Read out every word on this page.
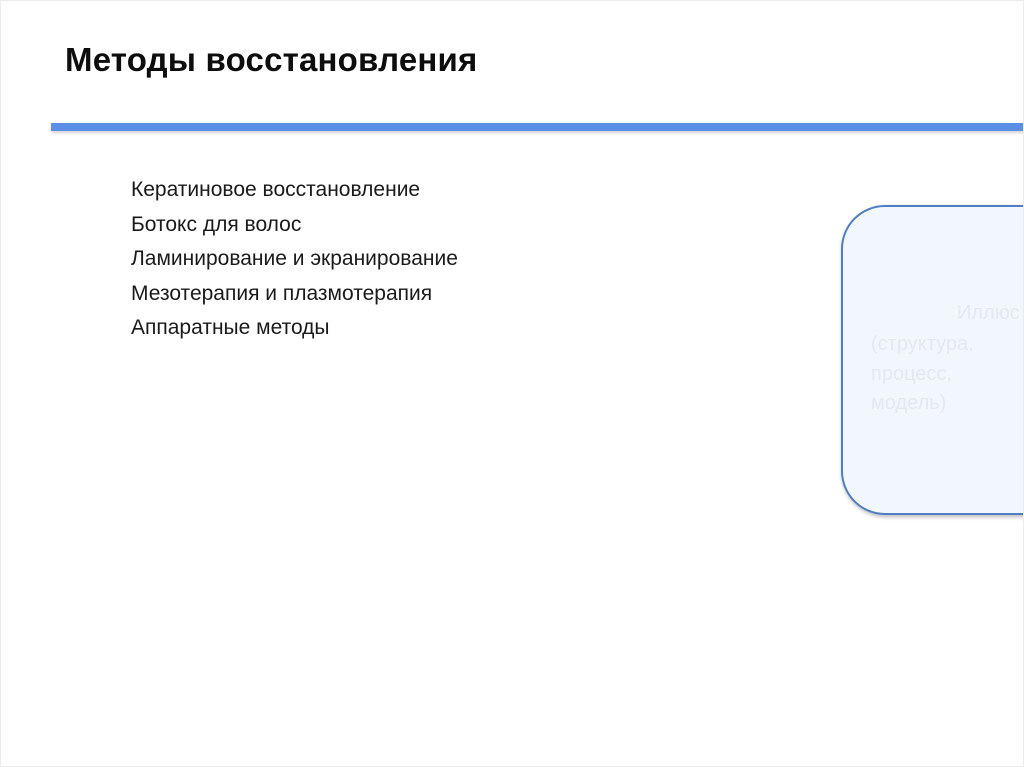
Методы восстановления
Кератиновое восстановление
Ботокс для волос
Ламинирование и экранирование
Мезотерапия и плазмотерапия
Аппаратные методы
Иллюс
(структура,
процесс,
модель)
